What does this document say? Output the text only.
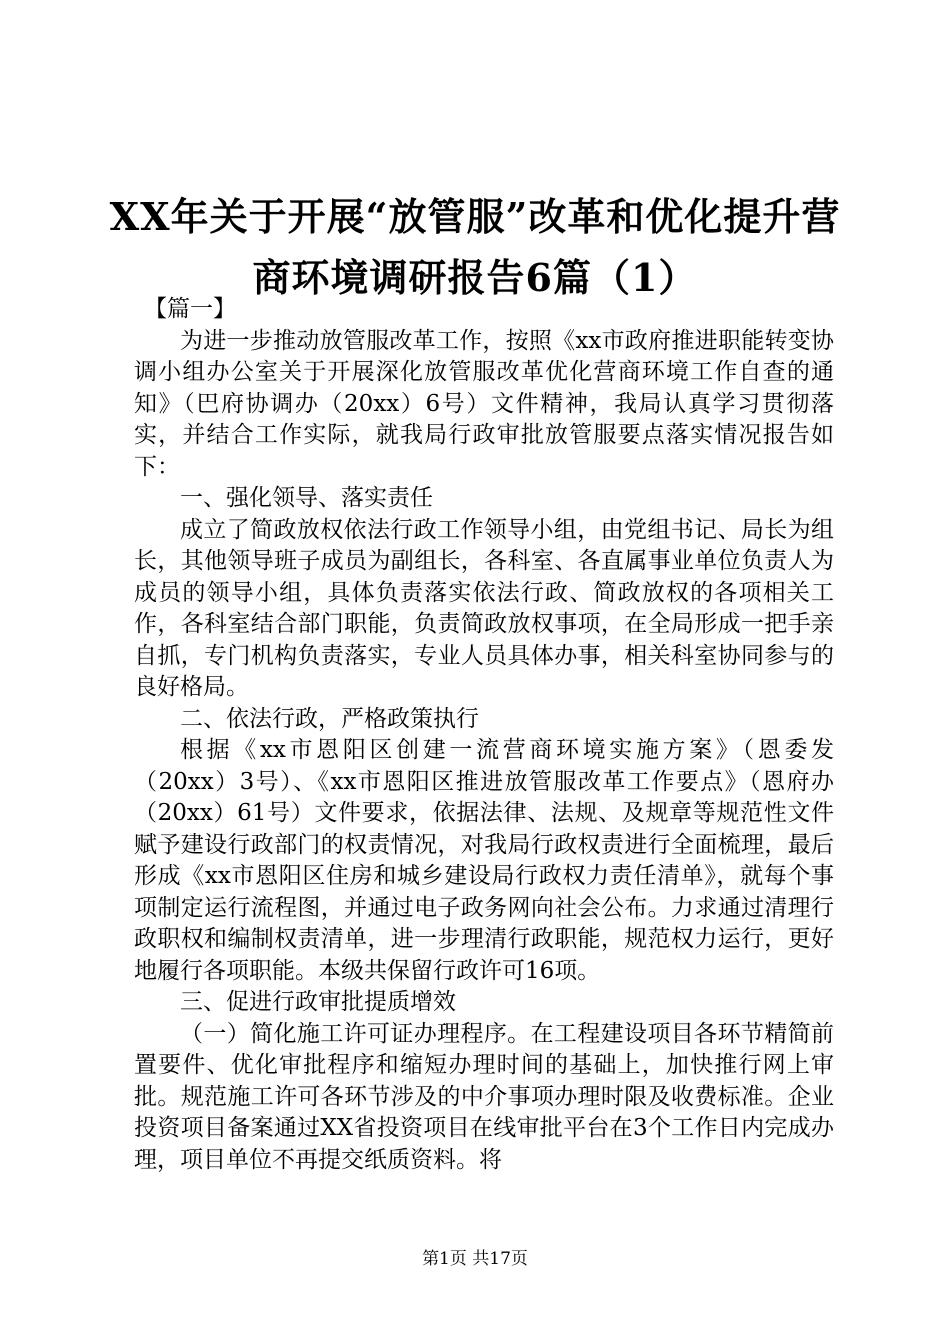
XX年关于开展“放管服”改革和优化提升营
商环境调研报告6篇（1）

【篇一】

为进一步推动放管服改革工作，按照《xx市政府推进职能转变协调小组办公室关于开展深化放管服改革优化营商环境工作自查的通知》（巴府协调办（20xx）6号）文件精神，我局认真学习贯彻落实，并结合工作实际，就我局行政审批放管服要点落实情况报告如下：

一、强化领导、落实责任

成立了简政放权依法行政工作领导小组，由党组书记、局长为组长，其他领导班子成员为副组长，各科室、各直属事业单位负责人为成员的领导小组，具体负责落实依法行政、简政放权的各项相关工作，各科室结合部门职能，负责简政放权事项，在全局形成一把手亲自抓，专门机构负责落实，专业人员具体办事，相关科室协同参与的良好格局。

二、依法行政，严格政策执行

根据《xx市恩阳区创建一流营商环境实施方案》（恩委发（20xx）3号）、《xx市恩阳区推进放管服改革工作要点》（恩府办（20xx）61号）文件要求，依据法律、法规、及规章等规范性文件赋予建设行政部门的权责情况，对我局行政权责进行全面梳理，最后形成《xx市恩阳区住房和城乡建设局行政权力责任清单》，就每个事项制定运行流程图，并通过电子政务网向社会公布。力求通过清理行政职权和编制权责清单，进一步理清行政职能，规范权力运行，更好地履行各项职能。本级共保留行政许可16项。

三、促进行政审批提质增效

（一）简化施工许可证办理程序。在工程建设项目各环节精简前置要件、优化审批程序和缩短办理时间的基础上，加快推行网上审批。规范施工许可各环节涉及的中介事项办理时限及收费标准。企业投资项目备案通过XX省投资项目在线审批平台在3个工作日内完成办理，项目单位不再提交纸质资料。将

第1页 共17页
